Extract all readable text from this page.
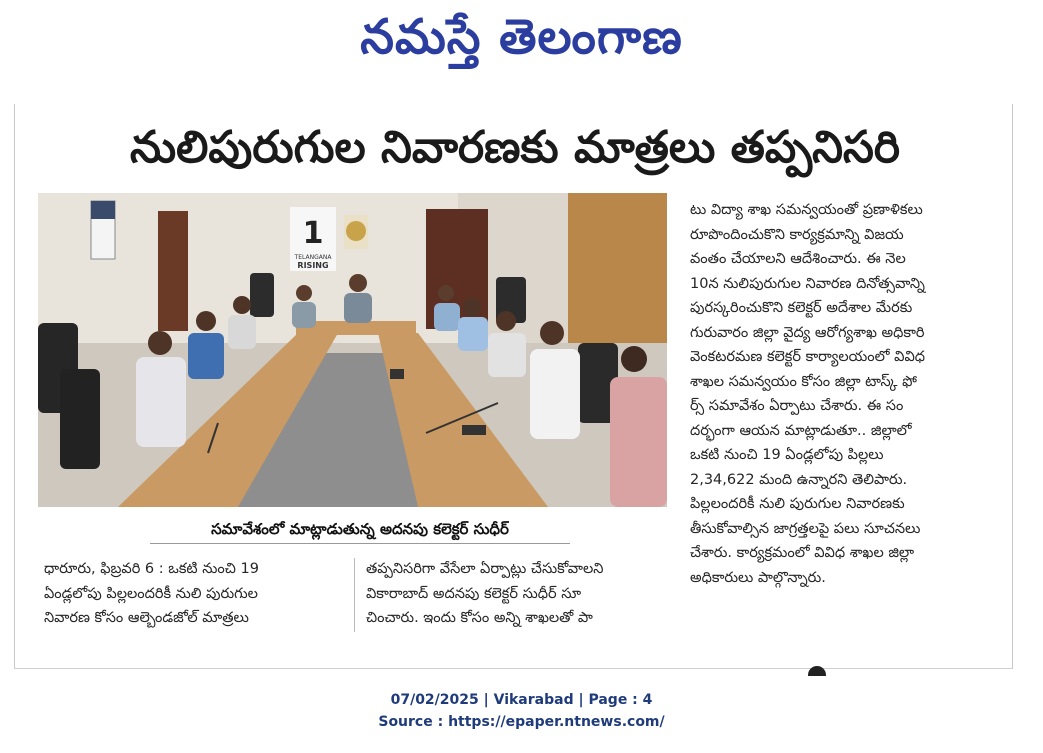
నమస్తే తెలంగాణ
నులిపురుగుల నివారణకు మాత్రలు తప్పనిసరి
1
TELANGANA
RISING
సమావేశంలో మాట్లాడుతున్న అదనపు కలెక్టర్ సుధీర్

టు విద్యా శాఖ సమన్వయంతో ప్రణాళికలు

రూపొందించుకొని కార్యక్రమాన్ని విజయ

వంతం చేయాలని ఆదేశించారు. ఈ నెల

10న నులిపురుగుల నివారణ దినోత్సవాన్ని

పురస్కరించుకొని కలెక్టర్ అదేశాల మేరకు

గురువారం జిల్లా వైద్య ఆరోగ్యశాఖ అధికారి

వెంకటరమణ కలెక్టర్ కార్యాలయంలో వివిధ

శాఖల సమన్వయం కోసం జిల్లా టాస్క్ ఫో

ర్స్ సమావేశం ఏర్పాటు చేశారు. ఈ సం

దర్భంగా ఆయన మాట్లాడుతూ.. జిల్లాలో

ఒకటి నుంచి 19 ఏండ్లలోపు పిల్లలు

2,34,622 మంది ఉన్నారని తెలిపారు.

పిల్లలందరికీ నులి పురుగుల నివారణకు

తీసుకోవాల్సిన జాగ్రత్తలపై పలు సూచనలు

చేశారు. కార్యక్రమంలో వివిధ శాఖల జిల్లా

అధికారులు పాల్గొన్నారు.

ధారూరు, ఫిబ్రవరి 6 : ఒకటి నుంచి 19

ఏండ్లలోపు పిల్లలందరికీ నులి పురుగుల

నివారణ కోసం ఆల్బెండజోల్ మాత్రలు

తప్పనిసరిగా వేసేలా ఏర్పాట్లు చేసుకోవాలని

వికారాబాద్ అదనపు కలెక్టర్ సుధీర్ సూ

చించారు. ఇందు కోసం అన్ని శాఖలతో పా

07/02/2025 | Vikarabad | Page : 4
Source : https://epaper.ntnews.com/
